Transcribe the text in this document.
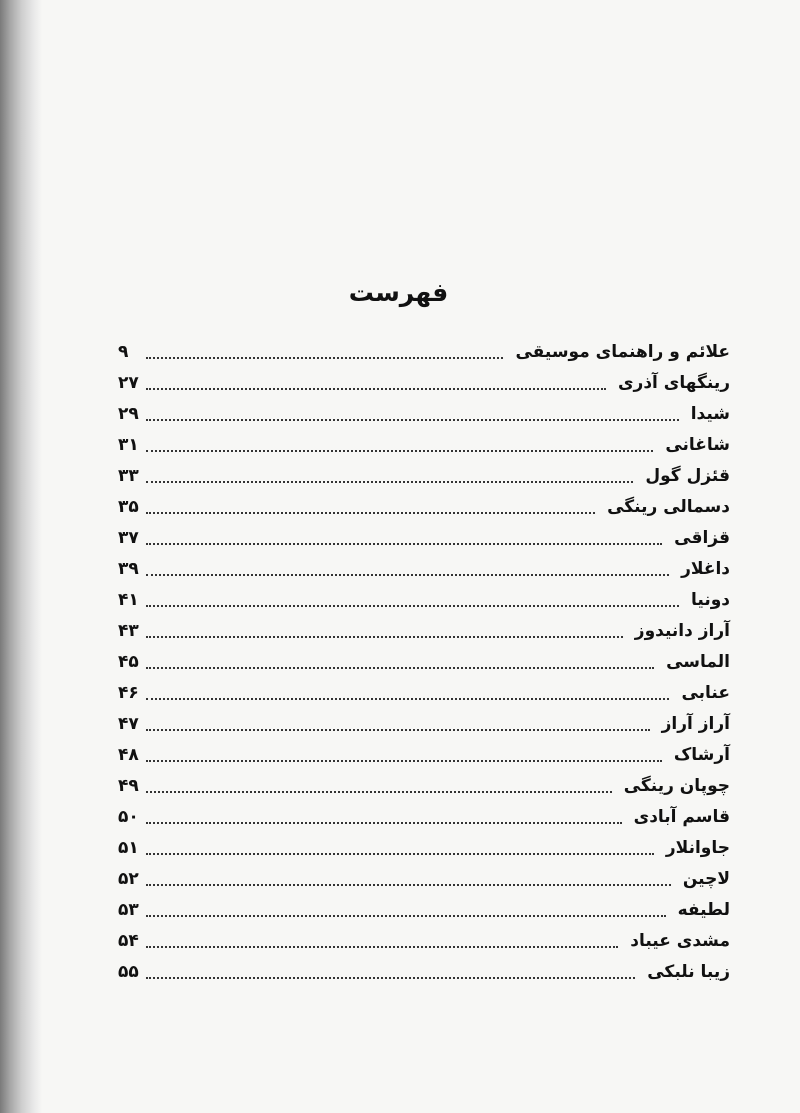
فهرست
علائم و راهنمای موسیقی
۹
رینگهای آذری
۲۷
شیدا
۲۹
شاغانی
۳۱
قئزل گول
۳۳
دسمالی رینگی
۳۵
قزاقی
۳۷
داغلار
۳۹
دونیا
۴۱
آراز دانیدوز
۴۳
الماسی
۴۵
عنابی
۴۶
آراز آراز
۴۷
آرشاک
۴۸
چوپان رینگی
۴۹
قاسم آبادی
۵۰
جاوانلار
۵۱
لاچین
۵۲
لطیفه
۵۳
مشدی عیباد
۵۴
زیبا نلبکی
۵۵
